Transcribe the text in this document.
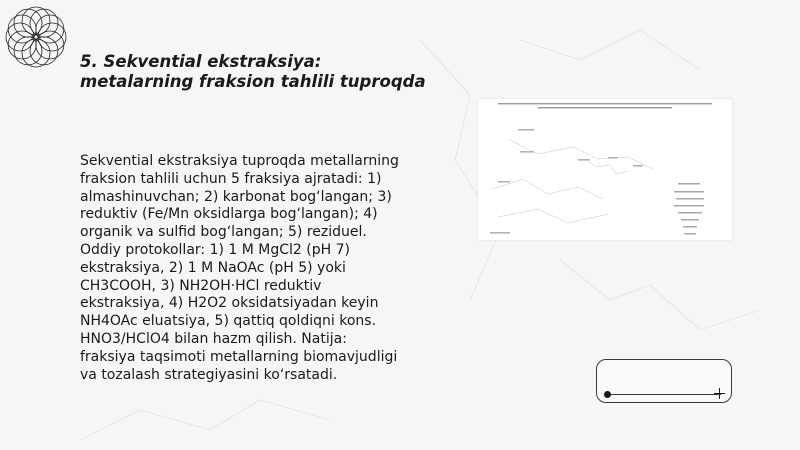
5. Sekvential ekstraksiya:
metalarning fraksion tahlili tuproqda
Sekvential ekstraksiya tuproqda metallarning
fraksion tahlili uchun 5 fraksiya ajratadi: 1)
almashinuvchan; 2) karbonat bog‘langan; 3)
reduktiv (Fe/Mn oksidlarga bog‘langan); 4)
organik va sulfid bog‘langan; 5) reziduel.
Oddiy protokollar: 1) 1 M MgCl2 (pH 7)
ekstraksiya, 2) 1 M NaOAc (pH 5) yoki
CH3COOH, 3) NH2OH·HCl reduktiv
ekstraksiya, 4) H2O2 oksidatsiyadan keyin
NH4OAc eluatsiya, 5) qattiq qoldiqni kons.
HNO3/HClO4 bilan hazm qilish. Natija:
fraksiya taqsimoti metallarning biomavjudligi
va tozalash strategiyasini ko‘rsatadi.
